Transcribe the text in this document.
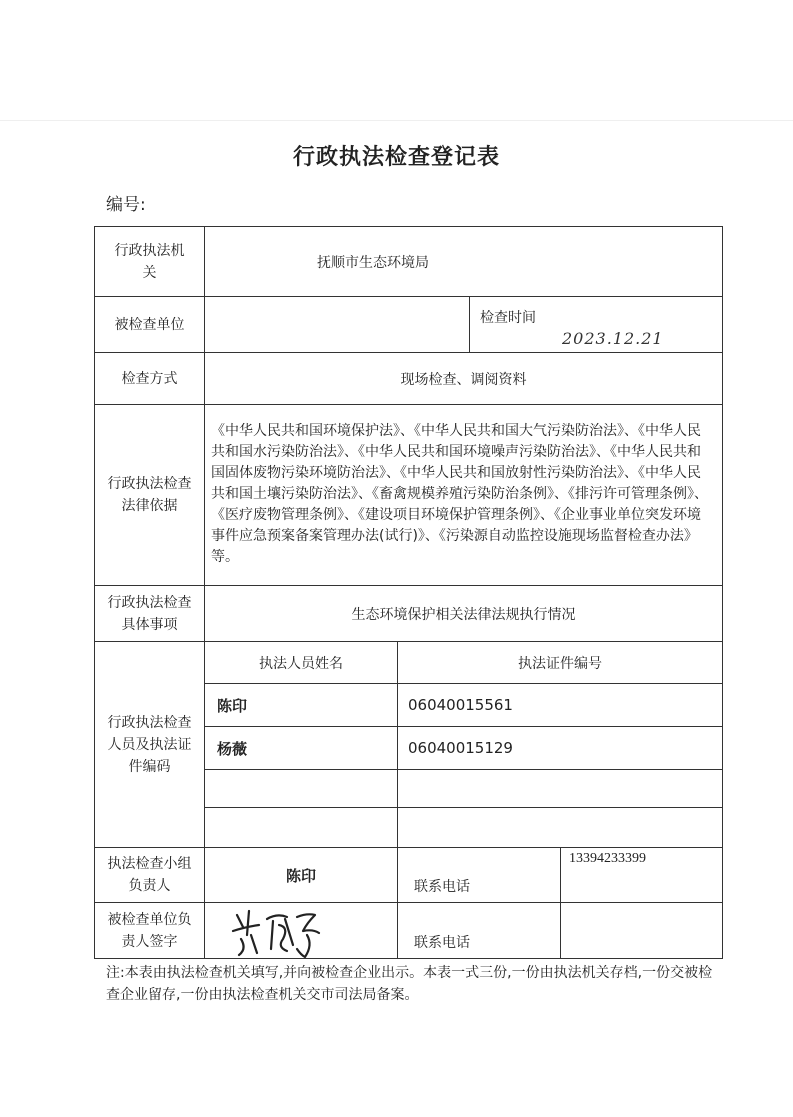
行政执法检查登记表
编号:
行政执法机关	抚顺市生态环境局			
被检查单位			检查时间
2023.12.21	

检查方式	现场检查、调阅资料			
行政执法检查法律依据	《中华人民共和国环境保护法》、《中华人民共和国大气污染防治法》、《中华人民共和国水污染防治法》、《中华人民共和国环境噪声污染防治法》、《中华人民共和国固体废物污染环境防治法》、《中华人民共和国放射性污染防治法》、《中华人民共和国土壤污染防治法》、《畜禽规模养殖污染防治条例》、《排污许可管理条例》、《医疗废物管理条例》、《建设项目环境保护管理条例》、《企业事业单位突发环境事件应急预案备案管理办法(试行)》、《污染源自动监控设施现场监督检查办法》等。			
行政执法检查具体事项	生态环境保护相关法律法规执行情况			
行政执法检查人员及执法证件编码	执法人员姓名	执法证件编号		
	陈印	06040015561		
	杨薇	06040015129		

执法检查小组负责人	陈印	联系电话		13394233399
被检查单位负责人签字		联系电话		

注:本表由执法检查机关填写,并向被检查企业出示。本表一式三份,一份由执法机关存档,一份交被检查企业留存,一份由执法检查机关交市司法局备案。
